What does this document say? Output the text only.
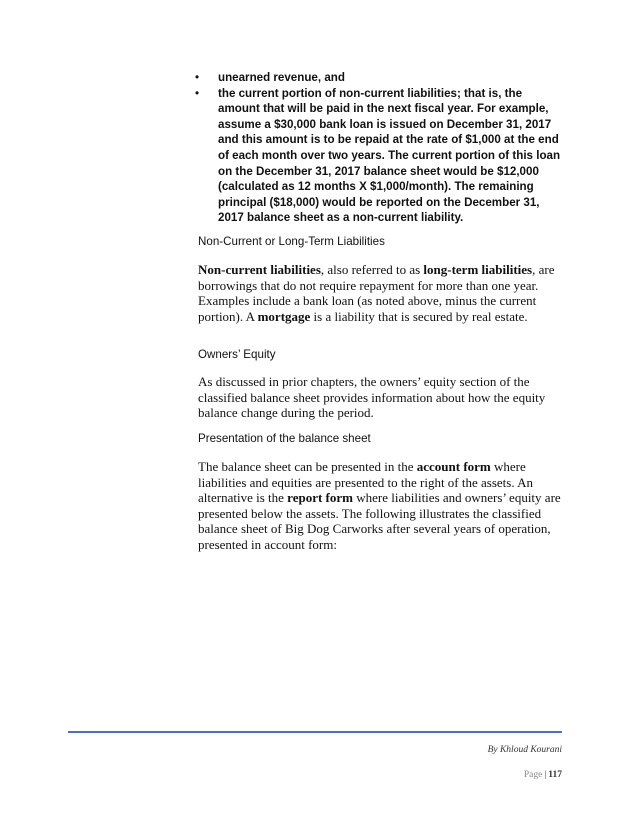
• unearned revenue, and
• the current portion of non-current liabilities; that is, the amount that will be paid in the next fiscal year. For example, assume a $30,000 bank loan is issued on December 31, 2017 and this amount is to be repaid at the rate of $1,000 at the end of each month over two years. The current portion of this loan on the December 31, 2017 balance sheet would be $12,000 (calculated as 12 months X $1,000/month). The remaining principal ($18,000) would be reported on the December 31, 2017 balance sheet as a non-current liability.
Non-Current or Long-Term Liabilities

Non-current liabilities, also referred to as long-term liabilities, are borrowings that do not require repayment for more than one year. Examples include a bank loan (as noted above, minus the current portion). A mortgage is a liability that is secured by real estate.

Owners’ Equity

As discussed in prior chapters, the owners’ equity section of the classified balance sheet provides information about how the equity balance change during the period.

Presentation of the balance sheet

The balance sheet can be presented in the account form where liabilities and equities are presented to the right of the assets. An alternative is the report form where liabilities and owners’ equity are presented below the assets. The following illustrates the classified balance sheet of Big Dog Carworks after several years of operation, presented in account form:

By Khloud Kourani
Page | 117
